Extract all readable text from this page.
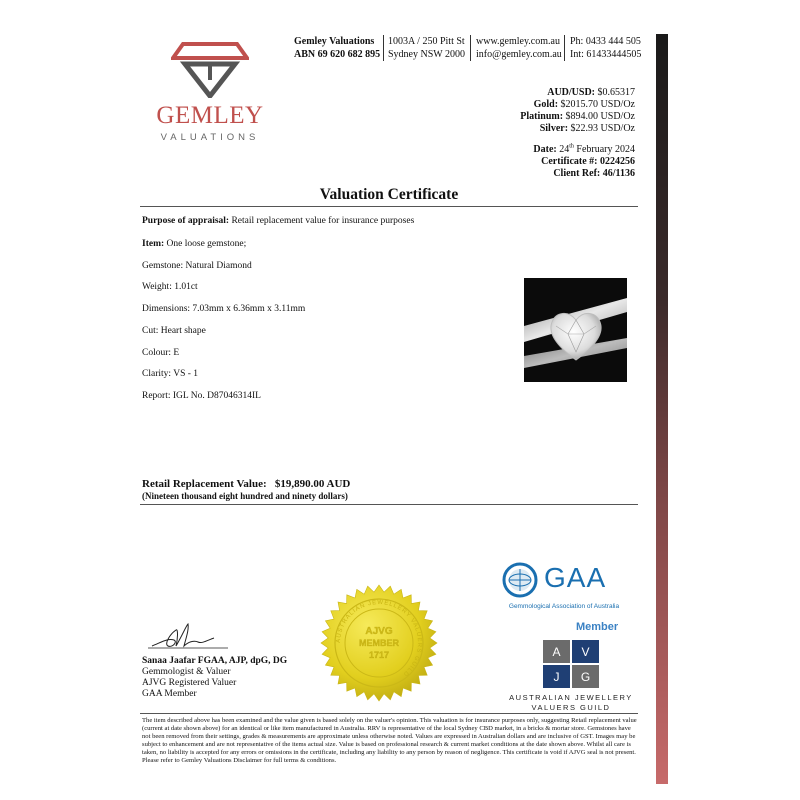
GEMLEY
VALUATIONS
Gemley Valuations
ABN 69 620 682 895
1003A / 250 Pitt St
Sydney NSW 2000
www.gemley.com.au
info@gemley.com.au
Ph: 0433 444 505
Int: 61433444505
AUD/USD: $0.65317
Gold: $2015.70 USD/Oz
Platinum: $894.00 USD/Oz
Silver: $22.93 USD/Oz
Date: 24th February 2024
Certificate #: 0224256
Client Ref: 46/1136
Valuation Certificate
Purpose of appraisal: Retail replacement value for insurance purposes
Item: One loose gemstone;
Gemstone: Natural Diamond
Weight: 1.01ct
Dimensions: 7.03mm x 6.36mm x 3.11mm
Cut: Heart shape
Colour: E
Clarity: VS - 1
Report: IGL No. D87046314IL
Retail Replacement Value: $19,890.00 AUD
(Nineteen thousand eight hundred and ninety dollars)
GAA
Gemmological Association of Australia
Member
A	V
J	G
AUSTRALIAN JEWELLERY
VALUERS GUILD
AUSTRALIAN JEWELLERY VALUERS GUILD
AJVG
MEMBER
1717
Sanaa Jaafar FGAA, AJP, dpG, DG
Gemmologist & Valuer
AJVG Registered Valuer
GAA Member
The item described above has been examined and the value given is based solely on the valuer's opinion. This valuation is for insurance purposes only, suggesting Retail replacement value (current at date shown above) for an identical or like item manufactured in Australia. RRV is representative of the local Sydney CBD market, in a bricks & mortar store. Gemstones have not been removed from their settings, grades & measurements are approximate unless otherwise noted. Values are expressed in Australian dollars and are inclusive of GST. Images may be subject to enhancement and are not representative of the items actual size. Value is based on professional research & current market conditions at the date shown above. Whilst all care is taken, no liability is accepted for any errors or omissions in the certificate, including any liability to any person by reason of negligence. This certificate is void if AJVG seal is not present. Please refer to Gemley Valuations Disclaimer for full terms & conditions.
